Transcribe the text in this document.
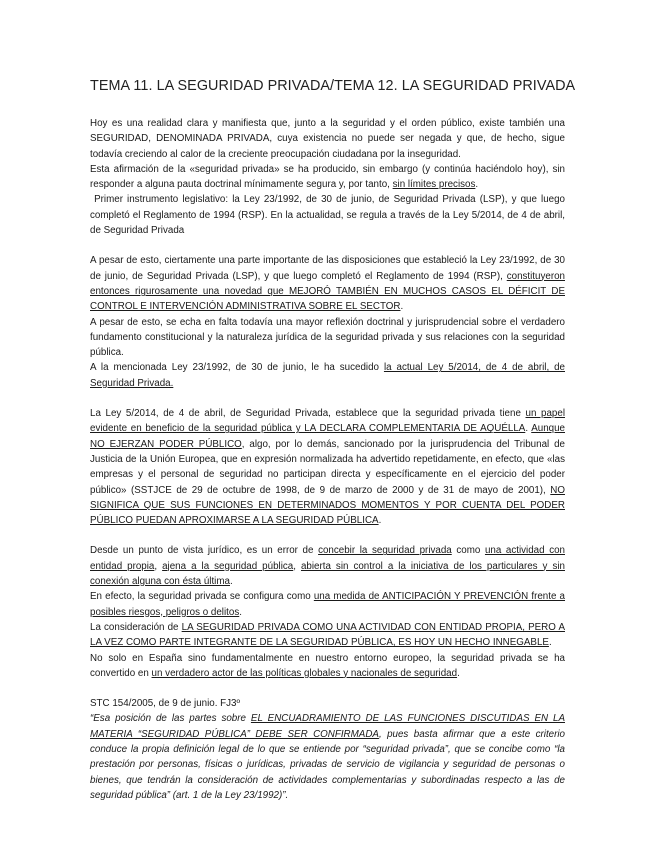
TEMA 11. LA SEGURIDAD PRIVADA/TEMA 12. LA SEGURIDAD PRIVADA

Hoy es una realidad clara y manifiesta que, junto a la seguridad y el orden público, existe también una SEGURIDAD, DENOMINADA PRIVADA, cuya existencia no puede ser negada y que, de hecho, sigue todavía creciendo al calor de la creciente preocupación ciudadana por la inseguridad.

Esta afirmación de la «seguridad privada» se ha producido, sin embargo (y continúa haciéndolo hoy), sin responder a alguna pauta doctrinal mínimamente segura y, por tanto, sin límites precisos.

Primer instrumento legislativo: la Ley 23/1992, de 30 de junio, de Seguridad Privada (LSP), y que luego completó el Reglamento de 1994 (RSP). En la actualidad, se regula a través de la Ley 5/2014, de 4 de abril, de Seguridad Privada

A pesar de esto, ciertamente una parte importante de las disposiciones que estableció la Ley 23/1992, de 30 de junio, de Seguridad Privada (LSP), y que luego completó el Reglamento de 1994 (RSP), constituyeron entonces rigurosamente una novedad que MEJORÓ TAMBIÉN EN MUCHOS CASOS EL DÉFICIT DE CONTROL E INTERVENCIÓN ADMINISTRATIVA SOBRE EL SECTOR.

A pesar de esto, se echa en falta todavía una mayor reflexión doctrinal y jurisprudencial sobre el verdadero fundamento constitucional y la naturaleza jurídica de la seguridad privada y sus relaciones con la seguridad pública.

A la mencionada Ley 23/1992, de 30 de junio, le ha sucedido la actual Ley 5/2014, de 4 de abril, de Seguridad Privada.

La Ley 5/2014, de 4 de abril, de Seguridad Privada, establece que la seguridad privada tiene un papel evidente en beneficio de la seguridad pública y LA DECLARA COMPLEMENTARIA DE AQUÉLLA. Aunque NO EJERZAN PODER PÚBLICO, algo, por lo demás, sancionado por la jurisprudencia del Tribunal de Justicia de la Unión Europea, que en expresión normalizada ha advertido repetidamente, en efecto, que «las empresas y el personal de seguridad no participan directa y específicamente en el ejercicio del poder público» (SSTJCE de 29 de octubre de 1998, de 9 de marzo de 2000 y de 31 de mayo de 2001), NO SIGNIFICA QUE SUS FUNCIONES EN DETERMINADOS MOMENTOS Y POR CUENTA DEL PODER PÚBLICO PUEDAN APROXIMARSE A LA SEGURIDAD PÚBLICA.

Desde un punto de vista jurídico, es un error de concebir la seguridad privada como una actividad con entidad propia, ajena a la seguridad pública, abierta sin control a la iniciativa de los particulares y sin conexión alguna con ésta última.

En efecto, la seguridad privada se configura como una medida de ANTICIPACIÓN Y PREVENCIÓN frente a posibles riesgos, peligros o delitos.

La consideración de LA SEGURIDAD PRIVADA COMO UNA ACTIVIDAD CON ENTIDAD PROPIA, PERO A LA VEZ COMO PARTE INTEGRANTE DE LA SEGURIDAD PÚBLICA, ES HOY UN HECHO INNEGABLE.

No solo en España sino fundamentalmente en nuestro entorno europeo, la seguridad privada se ha convertido en un verdadero actor de las políticas globales y nacionales de seguridad.

STC 154/2005, de 9 de junio. FJ3º

“Esa posición de las partes sobre EL ENCUADRAMIENTO DE LAS FUNCIONES DISCUTIDAS EN LA MATERIA “SEGURIDAD PÚBLICA” DEBE SER CONFIRMADA, pues basta afirmar que a este criterio conduce la propia definición legal de lo que se entiende por “seguridad privada”, que se concibe como “la prestación por personas, físicas o jurídicas, privadas de servicio de vigilancia y seguridad de personas o bienes, que tendrán la consideración de actividades complementarias y subordinadas respecto a las de seguridad pública” (art. 1 de la Ley 23/1992)”.
